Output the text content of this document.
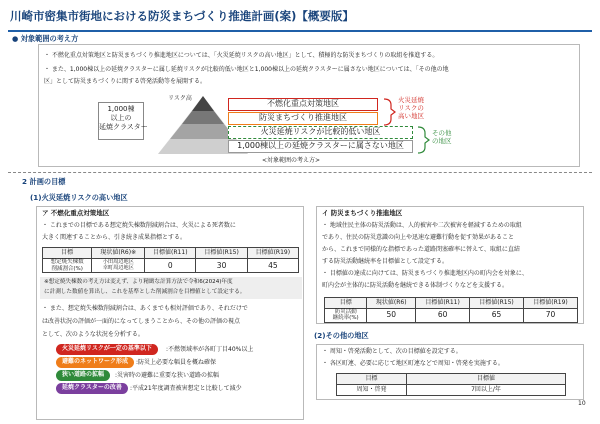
川崎市密集市街地における防災まちづくり推進計画(案)【概要版】
● 対象範囲の考え方
・ 不燃化重点対策地区と防災まちづくり推進地区については、「火災延焼リスクの高い地区」として、積極的な防災まちづくりの取組を推進する。
・ また、1,000棟以上の延焼クラスターに属し延焼リスクが比較的低い地区と1,000棟以上の延焼クラスターに属さない地区については、「その他の地
区」として防災まちづくりに関する啓発活動等を展開する。
1,000棟
以上の
延焼クラスター
リスク高
不燃化重点対策地区
防災まちづくり推進地区
火災延焼リスクが比較的低い地区
1,000棟以上の延焼クラスターに属さない地区
火災延焼
リスクの
高い地区
その他
の地区
<対象範囲の考え方>
2 計画の目標
(1)火災延焼リスクの高い地区
ア 不燃化重点対策地区
・ これまでの目標である想定焼失棟数削減割合は、火災による死者数に
大きく関連することから、引き続き成果指標とする。
目標	現状値(R6)※	目標値(R11)	目標値(R15)	目標値(R19)
想定焼失棟数
削減割合(%)	小田周辺地区
幸町周辺地区	0	30	45
※想定焼失棟数の考え方は変えず、より精緻な計算方法で令和6(2024)年度
に計測した数値を算出し、これを基準とした削減割合を目標値として設定する。
・ また、想定焼失棟数削減割合は、あくまでも相対評価であり、それだけで
は改善状況の評価が一面的になってしまうことから、その他の評価の視点
として、次のような状況を分析する。
火災延焼リスクが一定の基準以下	:不燃領域率が各町丁目40%以上
避難のネットワーク形成	:防災上必要な幅員を概ね確保
狭い道路の拡幅	:災害時の避難に重要な狭い道路の拡幅
延焼クラスターの改善	:平成21年度調査被害想定と比較して減少
イ 防災まちづくり推進地区
・ 地域住民主体の防災活動は、人的被害や二次被害を軽減するための取組
であり、住民の防災意識の向上や迅速な避難行動を促す効果があること
から、これまで同様的な指標であった道路閉塞確率に替えて、取組に直結
する防災活動継続率を目標値として設定する。
・ 目標値の達成に向けては、防災まちづくり推進地区内の町内会を対象に、
町内会が主体的に防災活動を継続できる体制づくりなどを支援する。
目標	現状値(R6)	目標値(R11)	目標値(R15)	目標値(R19)
防災活動
継続率(%)	50	60	65	70
(2)その他の地区
・ 周知・啓発活動として、次の目標値を設定する。
・ 各区町連、必要に応じて地区町連などで周知・啓発を実施する。
目標	目標値
周知・啓発	7回以上/年
10
